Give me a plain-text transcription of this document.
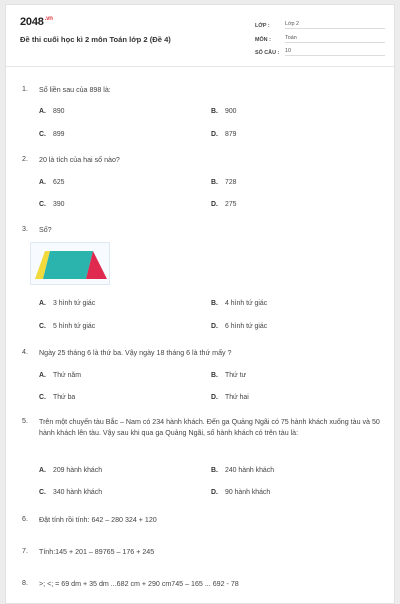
$2048^{.vn}$
Đề thi cuối học kì 2 môn Toán lớp 2 (Đề 4)
LỚP :	Lớp 2
MÔN :	Toán
SỐ CÂU :	10
1.	Số liền sau của 898 là:
A. 890	B. 900
C. 899	D. 879
2.	20 là tích của hai số nào?
A. 625	B. 728
C. 390	D. 275
3.	Số?
A. 3 hình tứ giác	B. 4 hình tứ giác
C. 5 hình tứ giác	D. 6 hình tứ giác
4.	Ngày 25 tháng 6 là thứ ba. Vậy ngày 18 tháng 6 là thứ mấy ?
A. Thứ năm	B. Thứ tư
C. Thứ ba	D. Thứ hai
5.	Trên một chuyến tàu Bắc – Nam có 234 hành khách. Đến ga Quảng Ngãi có 75 hành khách xuống tàu và 50 hành khách lên tàu. Vậy sau khi qua ga Quảng Ngãi, số hành khách có trên tàu là:
A. 209 hành khách	B. 240 hành khách
C. 340 hành khách	D. 90 hành khách
6.	Đặt tính rồi tính: 642 – 280 324 + 120
7.	Tính:145 + 201 – 89765 – 176 + 245
8.	>; <; = 69 dm + 35 dm ...682 cm + 290 cm745 – 165 ... 692 - 78
